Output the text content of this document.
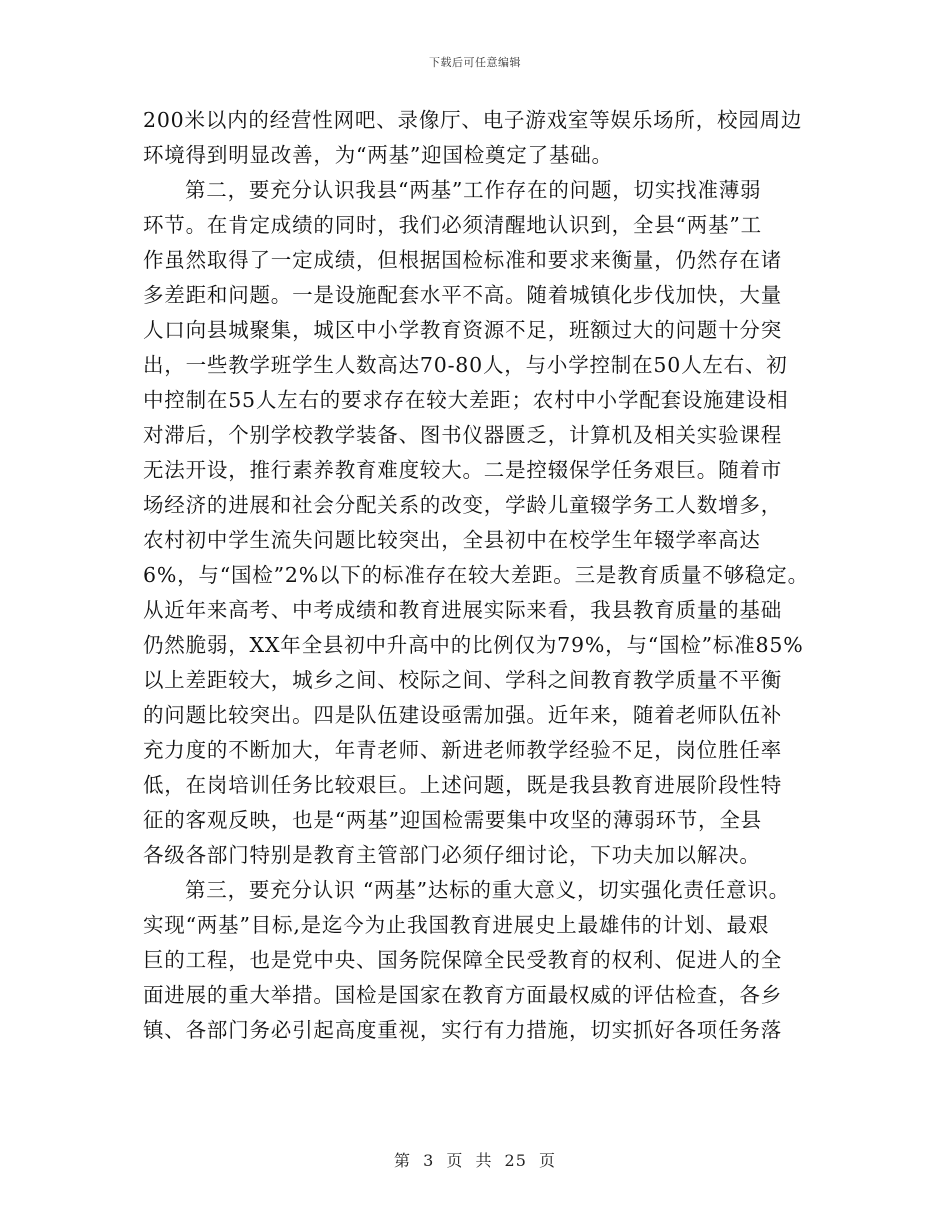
下载后可任意编辑
200米以内的经营性网吧、录像厅、电子游戏室等娱乐场所，校园周边
环境得到明显改善，为“两基”迎国检奠定了基础。
第二，要充分认识我县“两基”工作存在的问题，切实找准薄弱
环节。在肯定成绩的同时，我们必须清醒地认识到，全县“两基”工
作虽然取得了一定成绩，但根据国检标准和要求来衡量，仍然存在诸
多差距和问题。一是设施配套水平不高。随着城镇化步伐加快，大量
人口向县城聚集，城区中小学教育资源不足，班额过大的问题十分突
出，一些教学班学生人数高达70-80人，与小学控制在50人左右、初
中控制在55人左右的要求存在较大差距；农村中小学配套设施建设相
对滞后，个别学校教学装备、图书仪器匮乏，计算机及相关实验课程
无法开设，推行素养教育难度较大。二是控辍保学任务艰巨。随着市
场经济的进展和社会分配关系的改变，学龄儿童辍学务工人数增多，
农村初中学生流失问题比较突出，全县初中在校学生年辍学率高达
6%，与“国检”2%以下的标准存在较大差距。三是教育质量不够稳定。
从近年来高考、中考成绩和教育进展实际来看，我县教育质量的基础
仍然脆弱，XX年全县初中升高中的比例仅为79%，与“国检”标准85%
以上差距较大，城乡之间、校际之间、学科之间教育教学质量不平衡
的问题比较突出。四是队伍建设亟需加强。近年来，随着老师队伍补
充力度的不断加大，年青老师、新进老师教学经验不足，岗位胜任率
低，在岗培训任务比较艰巨。上述问题，既是我县教育进展阶段性特
征的客观反映，也是“两基”迎国检需要集中攻坚的薄弱环节，全县
各级各部门特别是教育主管部门必须仔细讨论，下功夫加以解决。
第三，要充分认识 “两基”达标的重大意义，切实强化责任意识。
实现“两基”目标,是迄今为止我国教育进展史上最雄伟的计划、最艰
巨的工程，也是党中央、国务院保障全民受教育的权利、促进人的全
面进展的重大举措。国检是国家在教育方面最权威的评估检查，各乡
镇、各部门务必引起高度重视，实行有力措施，切实抓好各项任务落
第 3 页 共 25 页
